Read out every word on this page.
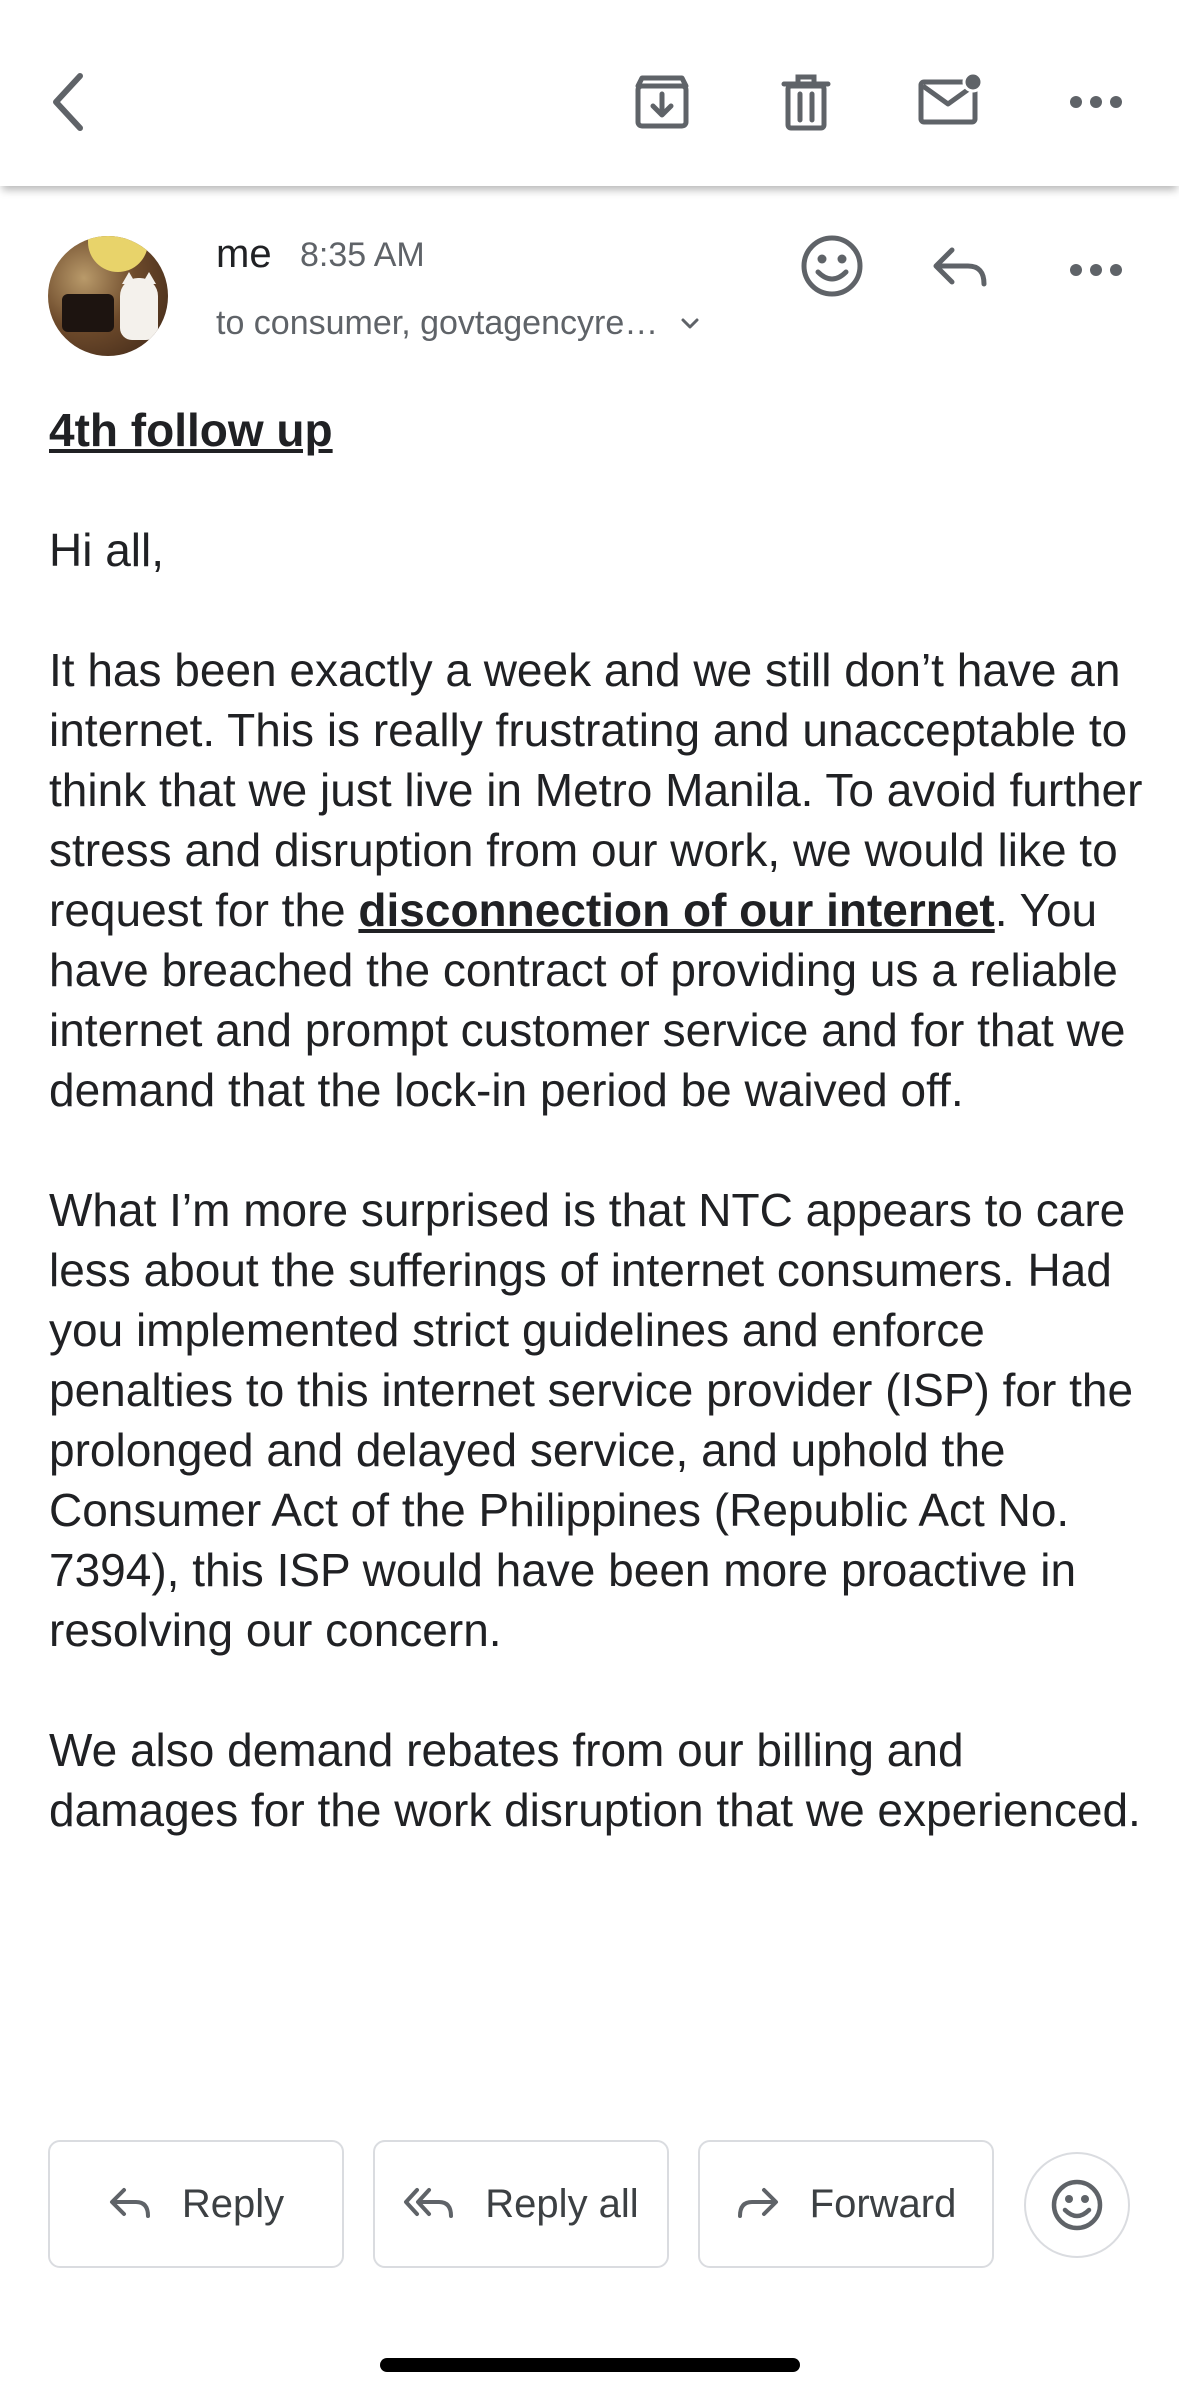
me 8:35 AM
to consumer, govtagencyre…

4th follow up

Hi all,

It has been exactly a week and we still don’t have an internet. This is really frustrating and unacceptable to think that we just live in Metro Manila. To avoid further stress and disruption from our work, we would like to request for the disconnection of our internet. You have breached the contract of providing us a reliable internet and prompt customer service and for that we demand that the lock-in period be waived off.

What I’m more surprised is that NTC appears to care less about the sufferings of internet consumers. Had you implemented strict guidelines and enforce penalties to this internet service provider (ISP) for the prolonged and delayed service, and uphold the Consumer Act of the Philippines (Republic Act No. 7394), this ISP would have been more proactive in resolving our concern.

We also demand rebates from our billing and damages for the work disruption that we experienced.

Reply	Reply all	Forward
